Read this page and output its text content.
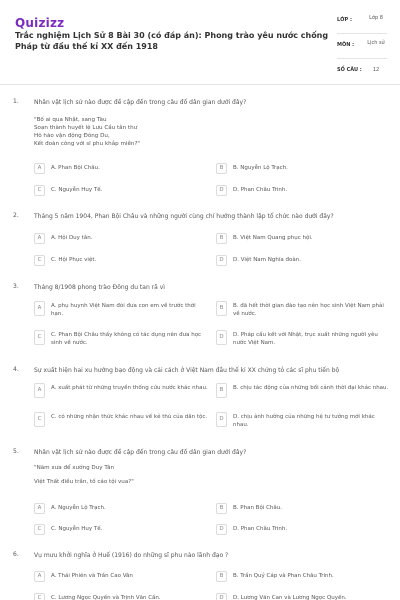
Quizizz
Trắc nghiệm Lịch Sử 8 Bài 30 (có đáp án): Phong trào yêu nước chống Pháp từ đầu thế kỉ XX đến 1918
LỚP :	Lớp 8
MÔN :	Lịch sử
SỐ CÂU :	12
1.	Nhân vật lịch sử nào được đề cập đến trong câu đố dân gian dưới đây?
"Bố ai qua Nhật, sang Tàu
Soạn thành huyết lệ Lưu Cầu tân thư
Hô hào vận động Đông Du,
Kết đoàn công với sĩ phu khắp miền?"
A	A. Phan Bội Châu.	B	B. Nguyễn Lộ Trạch.
C	C. Nguyễn Huy Tế.	D	D. Phan Châu Trinh.
2.	Tháng 5 năm 1904, Phan Bội Châu và những người cùng chí hướng thành lập tổ chức nào dưới đây?
A	A. Hội Duy tân.	B	B. Việt Nam Quang phục hội.
C	C. Hội Phục việt.	D	D. Việt Nam Nghĩa đoàn.
3.	Tháng 8/1908 phong trào Đông du tan rã vì
A	A. phụ huynh Việt Nam đòi đưa con em về trước thời hạn.
B	B. đã hết thời gian đào tạo nên học sinh Việt Nam phải về nước.
C	C. Phan Bội Châu thấy không có tác dụng nên đưa học sinh về nước.
D	D. Pháp cấu kết với Nhật, trục xuất những người yêu nước Việt Nam.
4.	Sự xuất hiện hai xu hướng bạo động và cải cách ở Việt Nam đầu thế kỉ XX chứng tỏ các sĩ phu tiến bộ
A	A. xuất phát từ những truyền thống cứu nước khác nhau.	B	B. chịu tác động của những bối cảnh thời đại khác nhau.
C	C. có những nhận thức khác nhau về kẻ thù của dân tộc.	D	D. chịu ảnh hưởng của những hệ tư tưởng mới khác nhau.
5.	Nhân vật lịch sử nào được đề cập đến trong câu đố dân gian dưới đây?
"Năm xưa để xướng Duy Tân
Việt Thất điều trần, tố cáo tội vua?"
A	A. Nguyễn Lộ Trạch.	B	B. Phan Bội Châu.
C	C. Nguyễn Huy Tế.	D	D. Phan Châu Trinh.
6.	Vụ mưu khởi nghĩa ở Huế (1916) do những sĩ phu nào lãnh đạo ?
A	A. Thái Phiên và Trần Cao Vân	B	B. Trần Quý Cáp và Phan Châu Trinh.
C	C. Lương Ngọc Quyến và Trịnh Văn Cấn.	D	D. Lương Văn Can và Lương Ngọc Quyến.
